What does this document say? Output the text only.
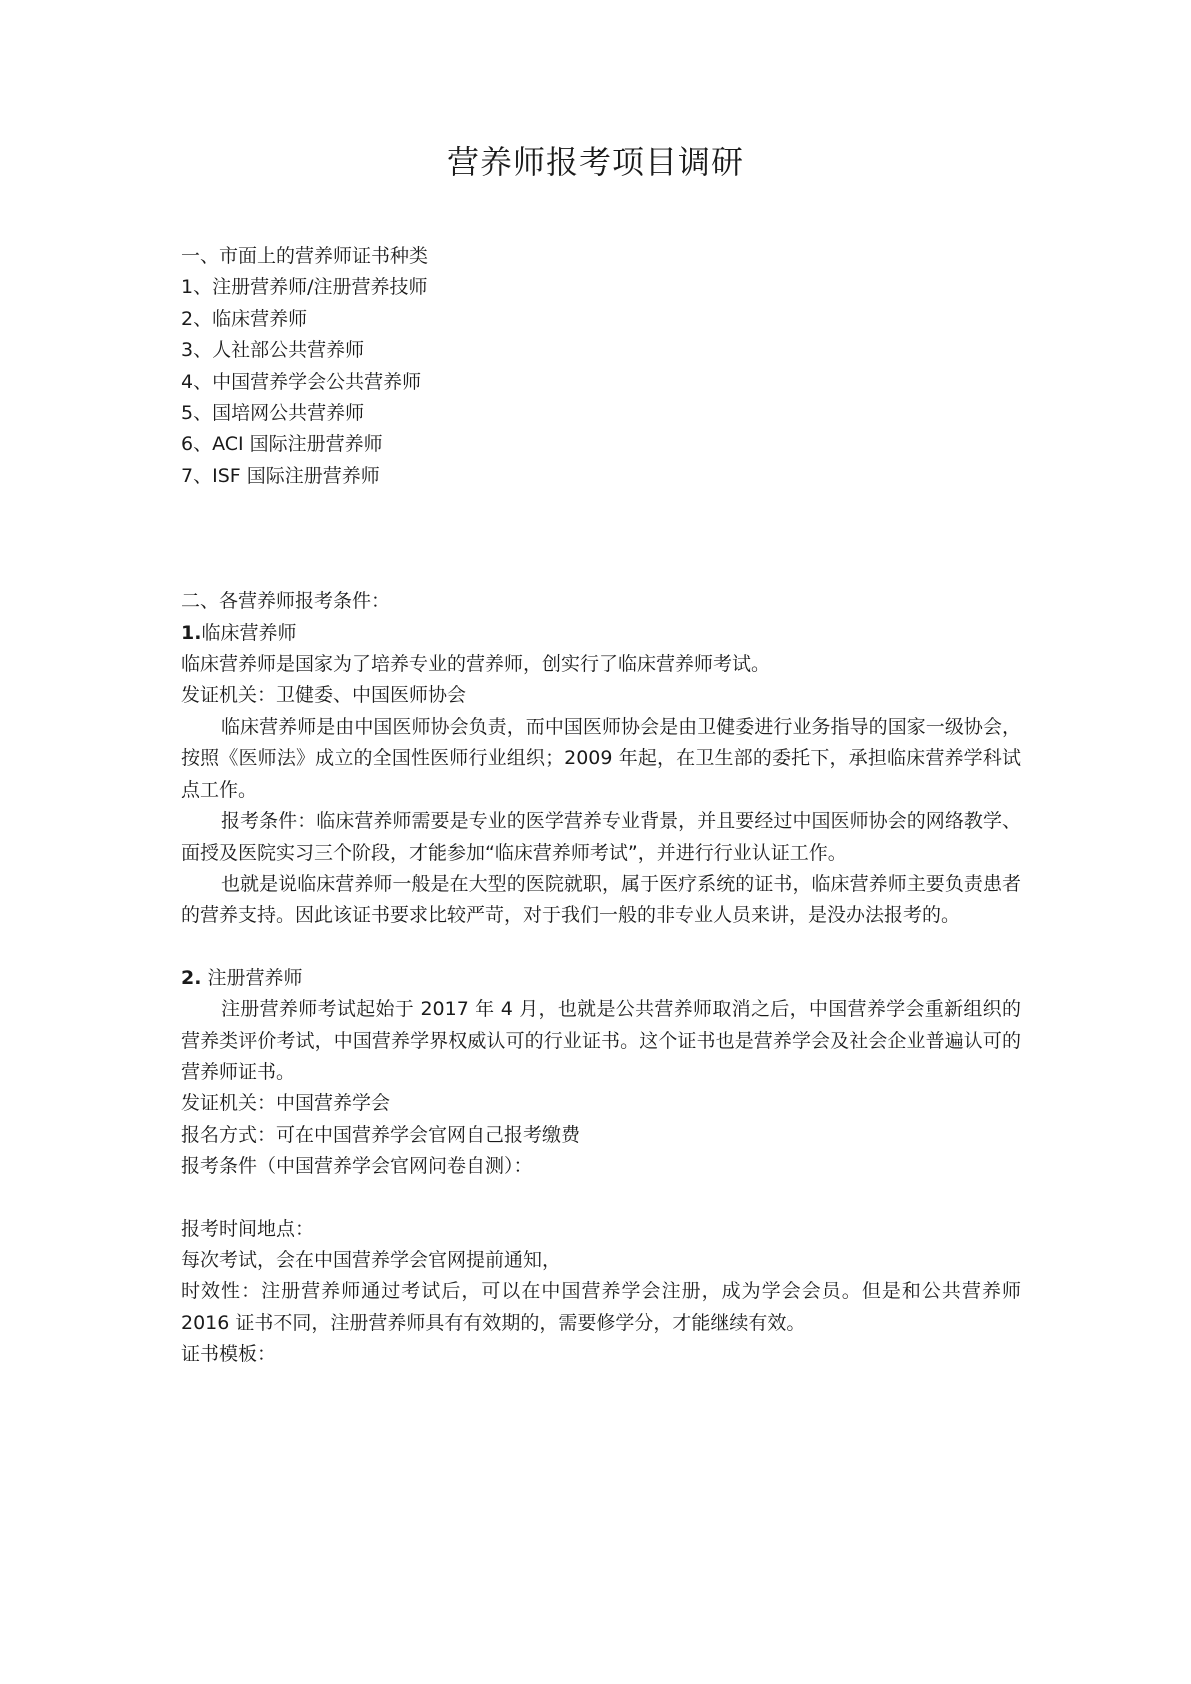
营养师报考项目调研

一、市面上的营养师证书种类

1、注册营养师/注册营养技师

2、临床营养师

3、人社部公共营养师

4、中国营养学会公共营养师

5、国培网公共营养师

6、ACI 国际注册营养师

7、ISF 国际注册营养师

二、各营养师报考条件：

1.临床营养师

临床营养师是国家为了培养专业的营养师，创实行了临床营养师考试。

发证机关：卫健委、中国医师协会

临床营养师是由中国医师协会负责，而中国医师协会是由卫健委进行业务指导的国家一级协会，按照《医师法》成立的全国性医师行业组织；2009 年起，在卫生部的委托下，承担临床营养学科试点工作。

报考条件：临床营养师需要是专业的医学营养专业背景，并且要经过中国医师协会的网络教学、面授及医院实习三个阶段，才能参加“临床营养师考试”，并进行行业认证工作。

也就是说临床营养师一般是在大型的医院就职，属于医疗系统的证书，临床营养师主要负责患者的营养支持。因此该证书要求比较严苛，对于我们一般的非专业人员来讲，是没办法报考的。

2. 注册营养师

注册营养师考试起始于 2017 年 4 月，也就是公共营养师取消之后，中国营养学会重新组织的营养类评价考试，中国营养学界权威认可的行业证书。这个证书也是营养学会及社会企业普遍认可的营养师证书。

发证机关：中国营养学会

报名方式：可在中国营养学会官网自己报考缴费

报考条件（中国营养学会官网问卷自测）：

报考时间地点：

每次考试，会在中国营养学会官网提前通知，

时效性：注册营养师通过考试后，可以在中国营养学会注册，成为学会会员。但是和公共营养师 2016 证书不同，注册营养师具有有效期的，需要修学分，才能继续有效。

证书模板：
